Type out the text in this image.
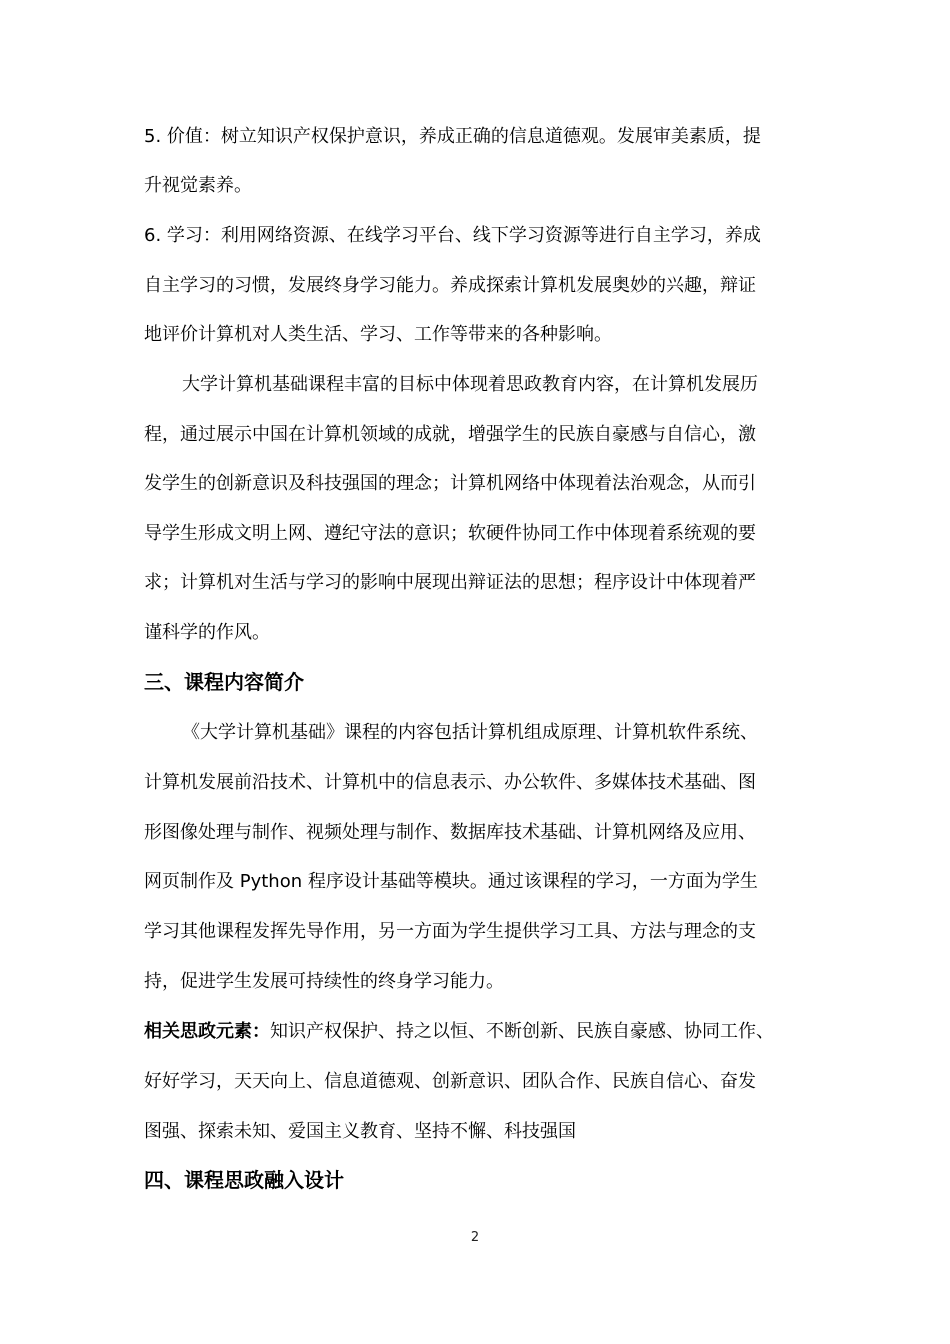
5. 价值：树立知识产权保护意识，养成正确的信息道德观。发展审美素质，提
升视觉素养。
6. 学习：利用网络资源、在线学习平台、线下学习资源等进行自主学习，养成
自主学习的习惯，发展终身学习能力。养成探索计算机发展奥妙的兴趣，辩证
地评价计算机对人类生活、学习、工作等带来的各种影响。
大学计算机基础课程丰富的目标中体现着思政教育内容，在计算机发展历
程，通过展示中国在计算机领域的成就，增强学生的民族自豪感与自信心，激
发学生的创新意识及科技强国的理念；计算机网络中体现着法治观念，从而引
导学生形成文明上网、遵纪守法的意识；软硬件协同工作中体现着系统观的要
求；计算机对生活与学习的影响中展现出辩证法的思想；程序设计中体现着严
谨科学的作风。
三、课程内容简介
《大学计算机基础》课程的内容包括计算机组成原理、计算机软件系统、
计算机发展前沿技术、计算机中的信息表示、办公软件、多媒体技术基础、图
形图像处理与制作、视频处理与制作、数据库技术基础、计算机网络及应用、
网页制作及 Python 程序设计基础等模块。通过该课程的学习，一方面为学生
学习其他课程发挥先导作用，另一方面为学生提供学习工具、方法与理念的支
持，促进学生发展可持续性的终身学习能力。
相关思政元素：知识产权保护、持之以恒、不断创新、民族自豪感、协同工作、
好好学习，天天向上、信息道德观、创新意识、团队合作、民族自信心、奋发
图强、探索未知、爱国主义教育、坚持不懈、科技强国
四、课程思政融入设计
2
